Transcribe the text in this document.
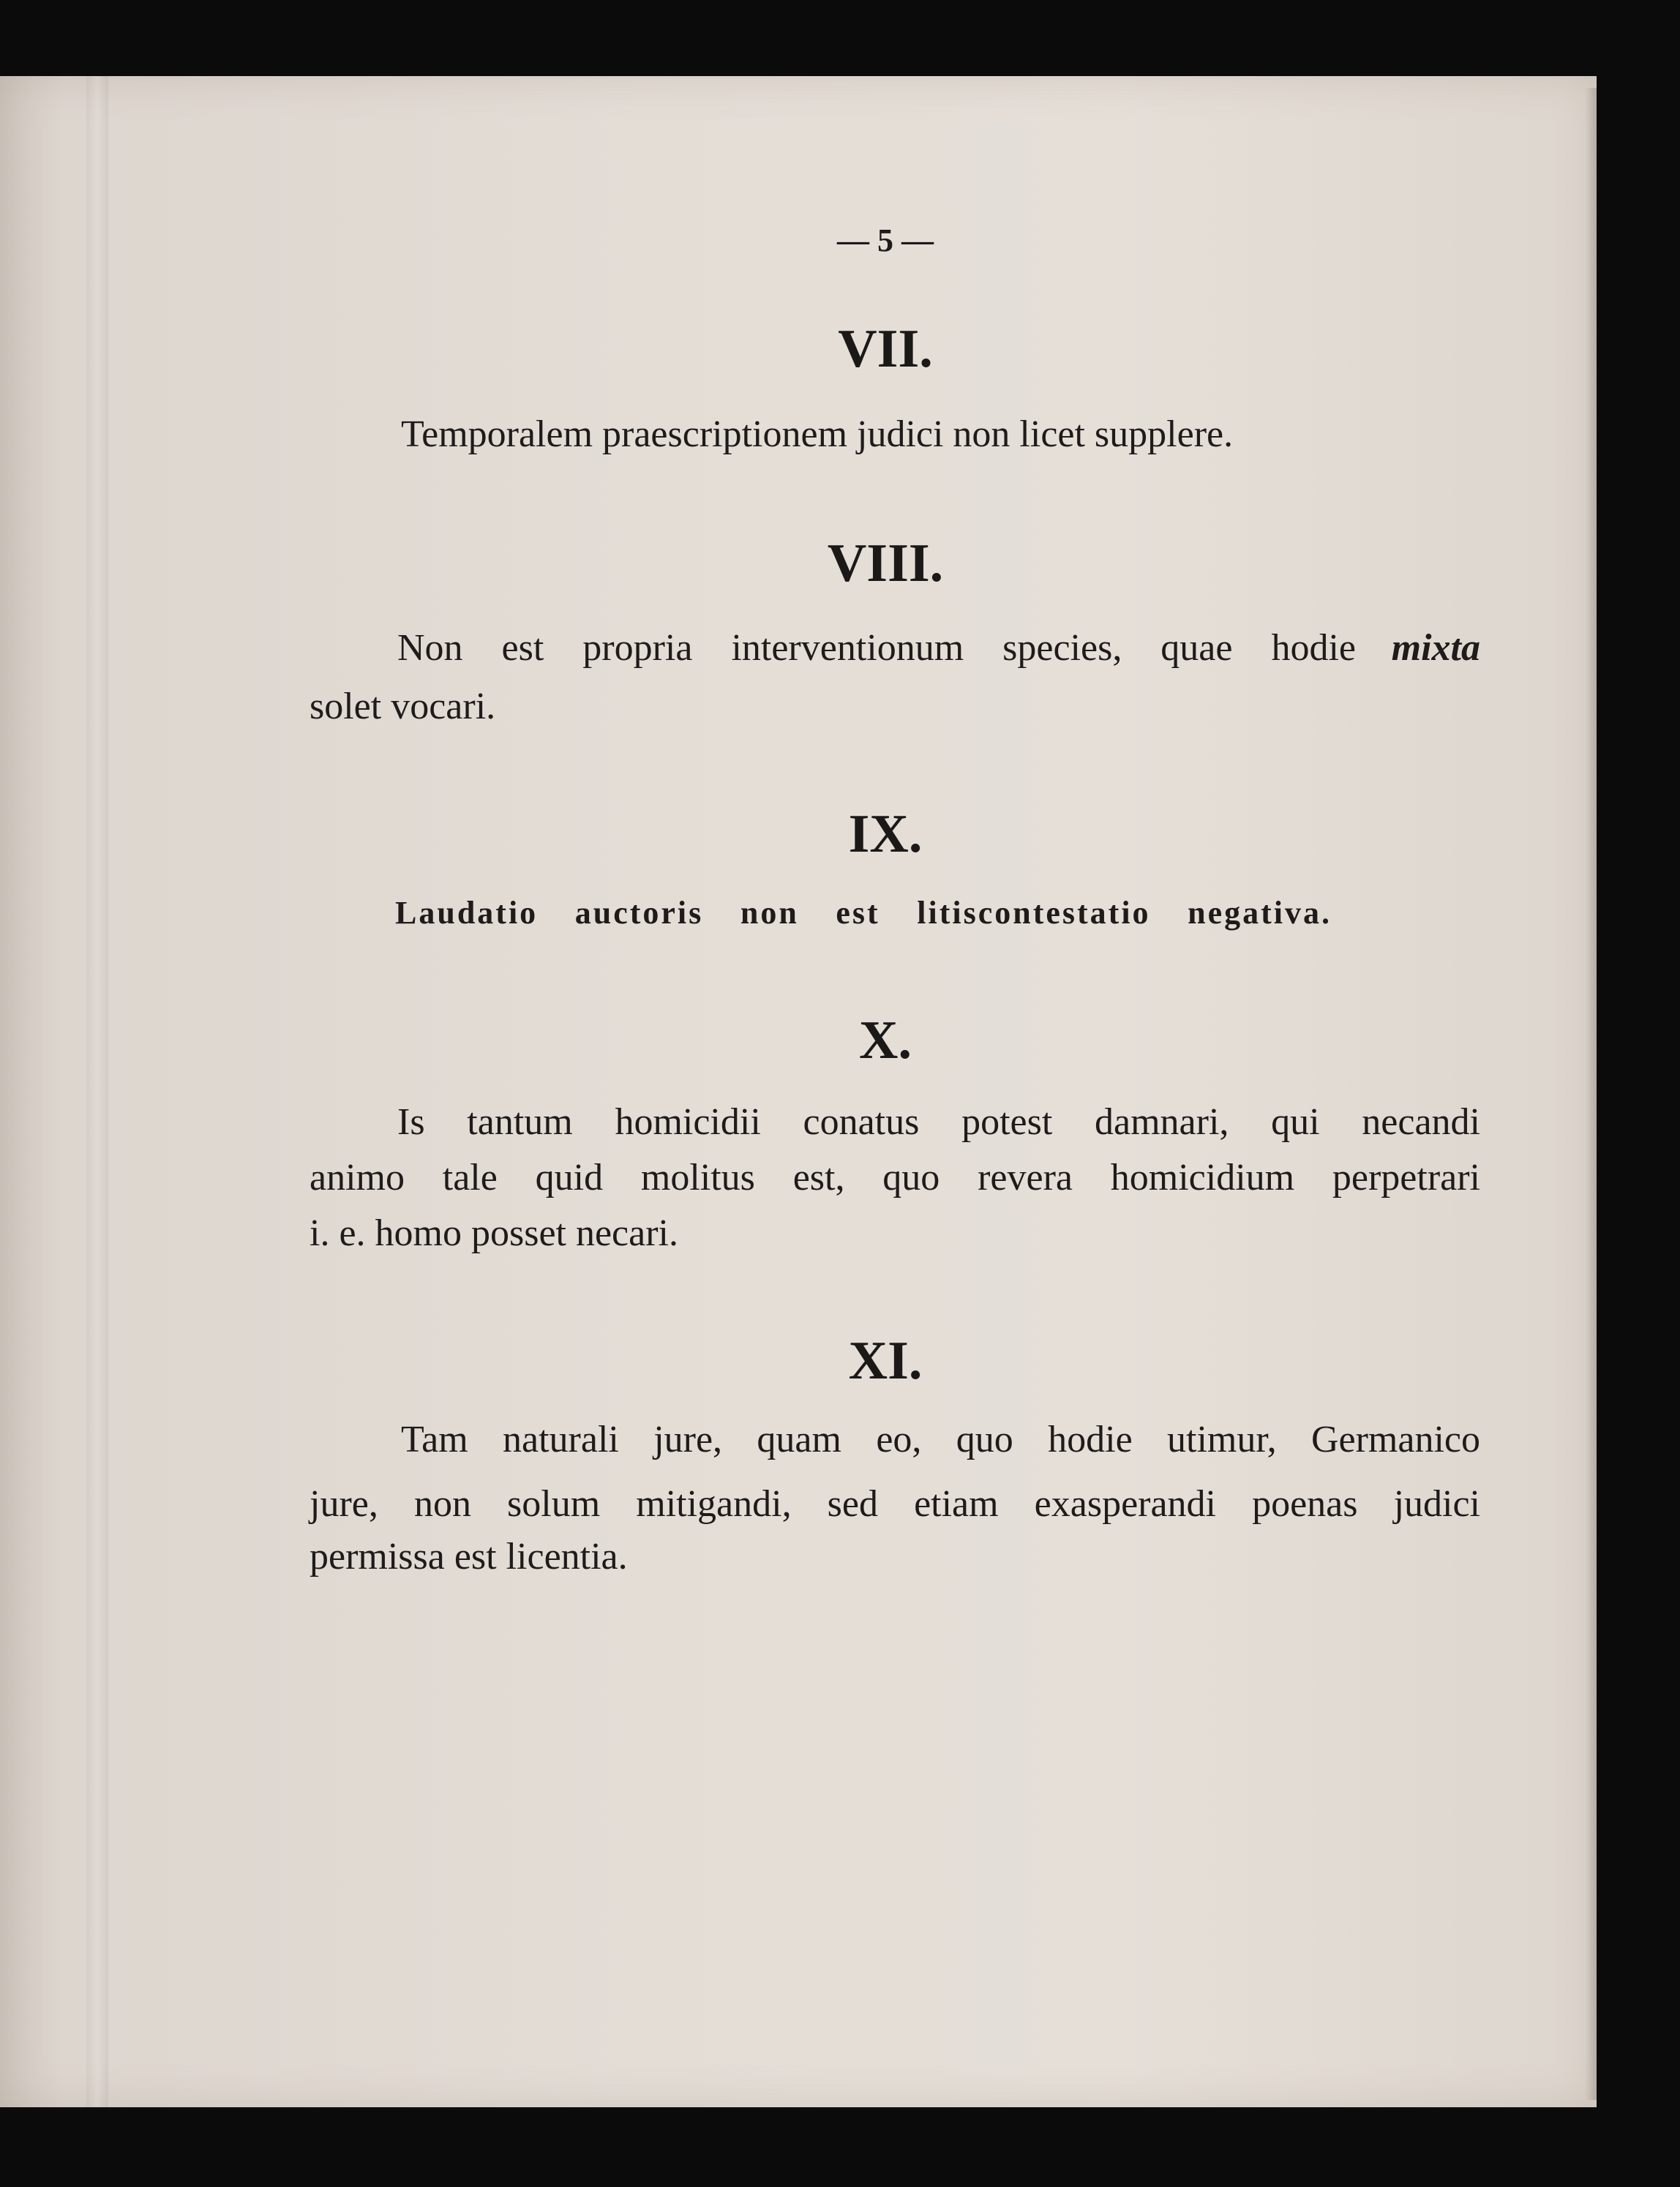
— 5 —
VII.
Temporalem praescriptionem judici non licet supplere.
VIII.
Non est propria interventionum species, quae hodie mixta
solet vocari.
IX.
Laudatio auctoris non est litiscontestatio negativa.
X.
Is tantum homicidii conatus potest damnari, qui necandi
animo tale quid molitus est, quo revera homicidium perpetrari
i. e. homo posset necari.
XI.
Tam naturali jure, quam eo, quo hodie utimur, Germanico
jure, non solum mitigandi, sed etiam exasperandi poenas judici
permissa est licentia.
